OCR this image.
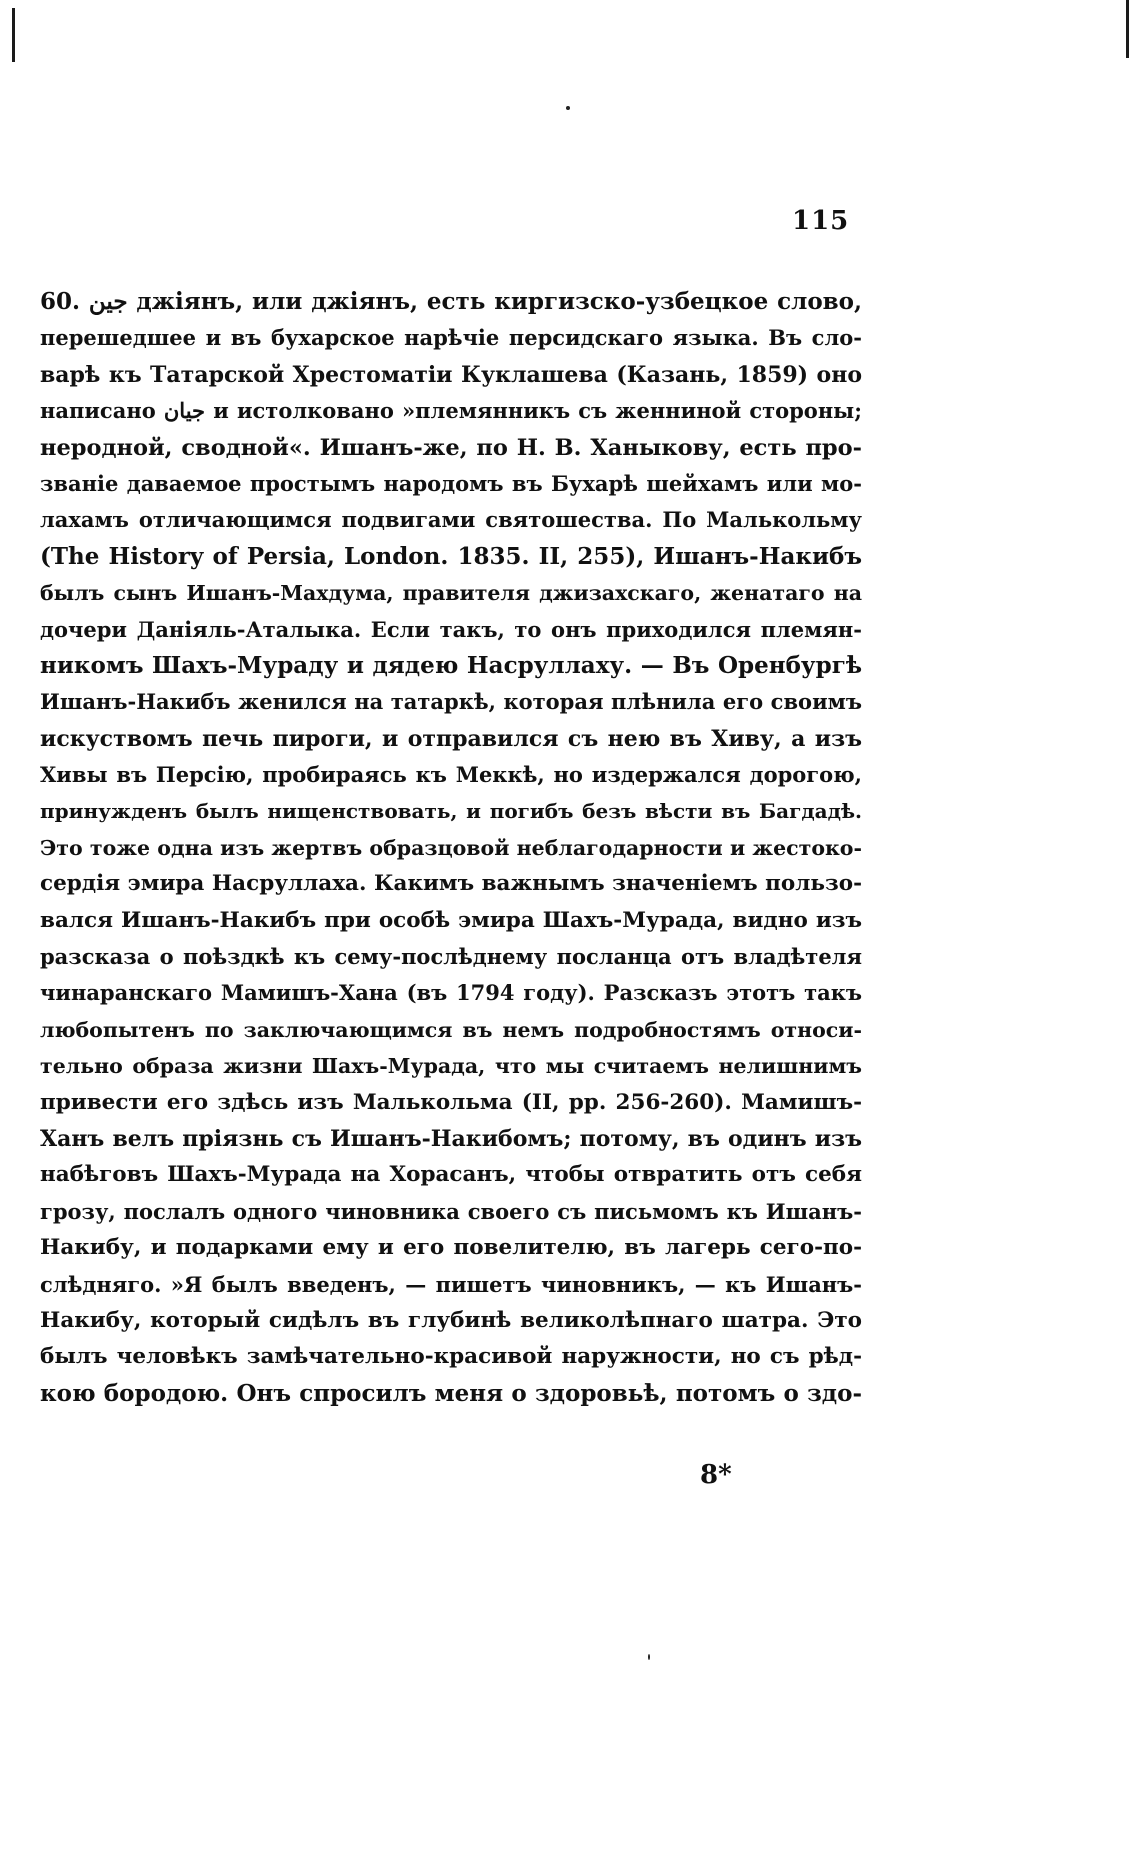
115
60. جین джiянъ, или джiянъ, есть киргизско-узбецкое слово,
перешедшее и въ бухарское нарѣчiе персидскаго языка. Въ сло-
варѣ къ Татарской Хрестоматiи Куклашева (Казань, 1859) оно
написано جیان и истолковано »племянникъ съ женниной стороны;
неродной, сводной«. Ишанъ-же, по Н. В. Ханыкову, есть про-
званiе даваемое простымъ народомъ въ Бухарѣ шейхамъ или мо-
лахамъ отличающимся подвигами святошества. По Малькольму
(The History of Persia, London. 1835. II, 255), Ишанъ-Накибъ
былъ сынъ Ишанъ-Махдума, правителя джизахскаго, женатаго на
дочери Данiяль-Аталыка. Если такъ, то онъ приходился племян-
никомъ Шахъ-Мураду и дядею Насруллаху. — Въ Оренбургѣ
Ишанъ-Накибъ женился на татаркѣ, которая плѣнила его своимъ
искуствомъ печь пироги, и отправился съ нею въ Хиву, а изъ
Хивы въ Персiю, пробираясь къ Меккѣ, но издержался дорогою,
принужденъ былъ нищенствовать, и погибъ безъ вѣсти въ Багдадѣ.
Это тоже одна изъ жертвъ образцовой неблагодарности и жестоко-
сердiя эмира Насруллаха. Какимъ важнымъ значенiемъ пользо-
вался Ишанъ-Накибъ при особѣ эмира Шахъ-Мурада, видно изъ
разсказа о поѣздкѣ къ сему-послѣднему посланца отъ владѣтеля
чинаранскаго Мамишъ-Хана (въ 1794 году). Разсказъ этотъ такъ
любопытенъ по заключающимся въ немъ подробностямъ относи-
тельно образа жизни Шахъ-Мурада, что мы считаемъ нелишнимъ
привести его здѣсь изъ Малькольма (II, pp. 256-260). Мамишъ-
Ханъ велъ прiязнь съ Ишанъ-Накибомъ; потому, въ одинъ изъ
набѣговъ Шахъ-Мурада на Хорасанъ, чтобы отвратить отъ себя
грозу, послалъ одного чиновника своего съ письмомъ къ Ишанъ-
Накибу, и подарками ему и его повелителю, въ лагерь сего-по-
слѣдняго. »Я былъ введенъ, — пишетъ чиновникъ, — къ Ишанъ-
Накибу, который сидѣлъ въ глубинѣ великолѣпнаго шатра. Это
былъ человѣкъ замѣчательно-красивой наружности, но съ рѣд-
кою бородою. Онъ спросилъ меня о здоровьѣ, потомъ о здо-
8*
